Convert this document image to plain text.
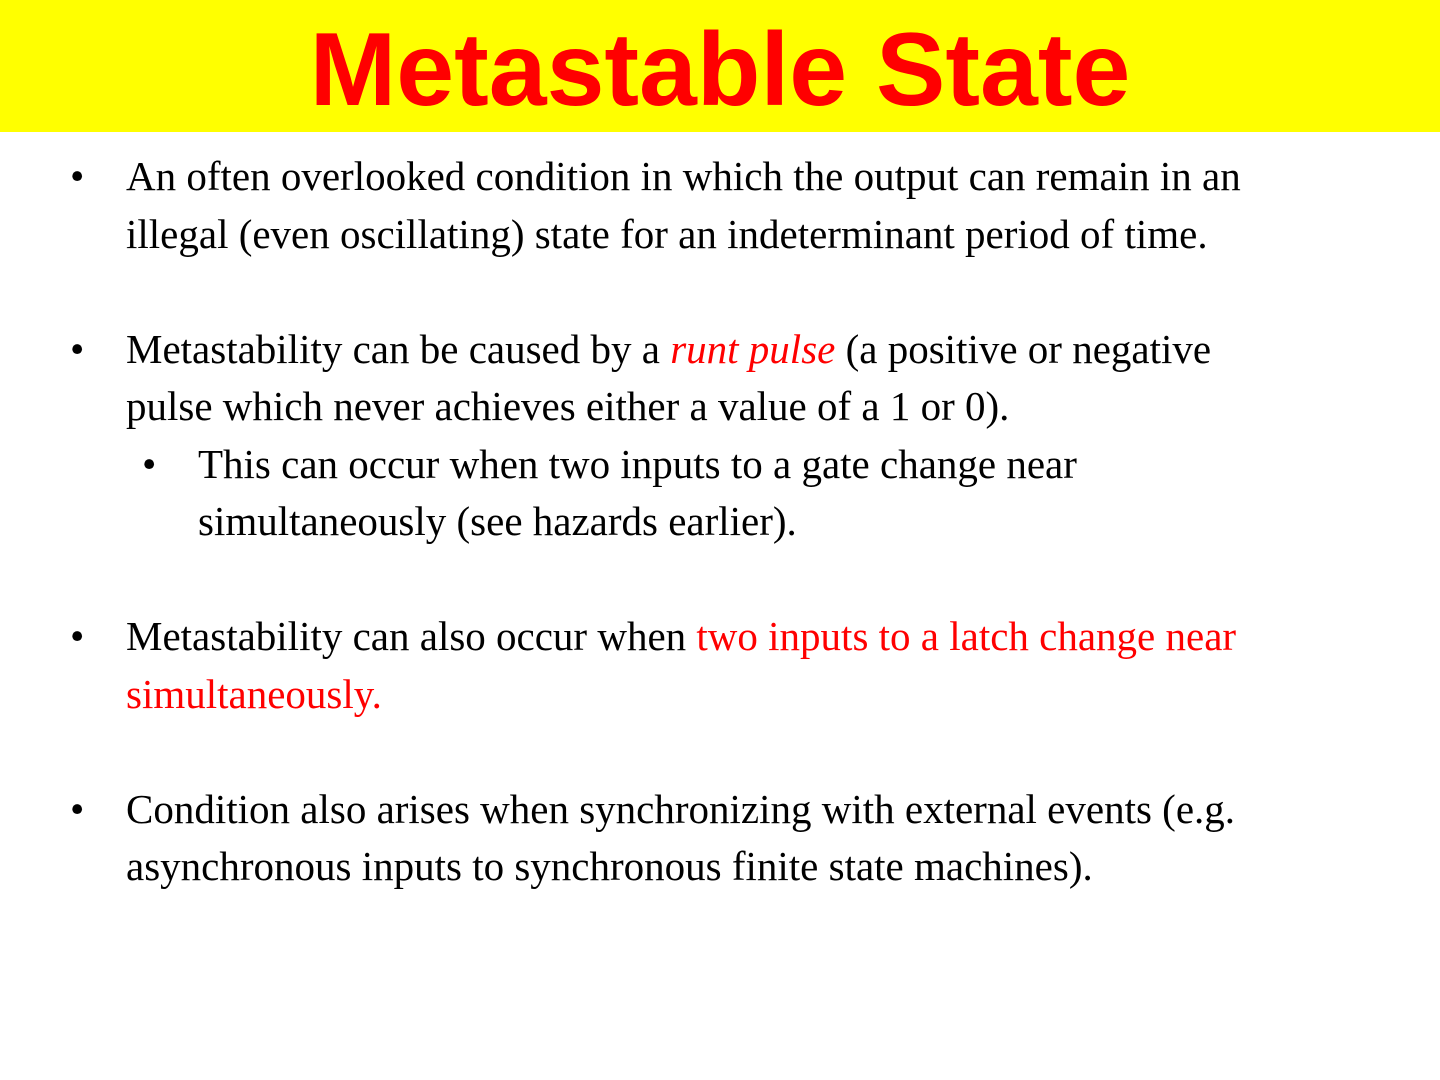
Metastable State

•	An often overlooked condition in which the output can remain in an illegal (even oscillating) state for an indeterminant period of time.

•	Metastability can be caused by a runt pulse (a positive or negative pulse which never achieves either a value of a 1 or 0).

•	This can occur when two inputs to a gate change near simultaneously (see hazards earlier).

•	Metastability can also occur when two inputs to a latch change near simultaneously.

•	Condition also arises when synchronizing with external events (e.g. asynchronous inputs to synchronous finite state machines).
